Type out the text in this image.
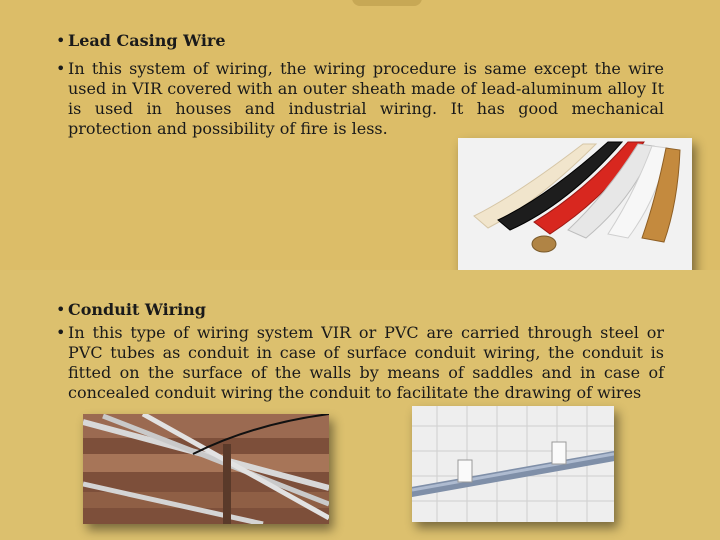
• Lead Casing Wire
• In this system of wiring, the wiring procedure is same except the wire used in VIR covered with an outer sheath made of lead-aluminum alloy It is used in houses and industrial wiring. It has good mechanical protection and possibility of fire is less.
• Conduit Wiring
• In this type of wiring system VIR or PVC are carried through steel or PVC tubes as conduit in case of surface conduit wiring, the conduit is fitted on the surface of the walls by means of saddles and in case of concealed conduit wiring the conduit to facilitate the drawing of wires
